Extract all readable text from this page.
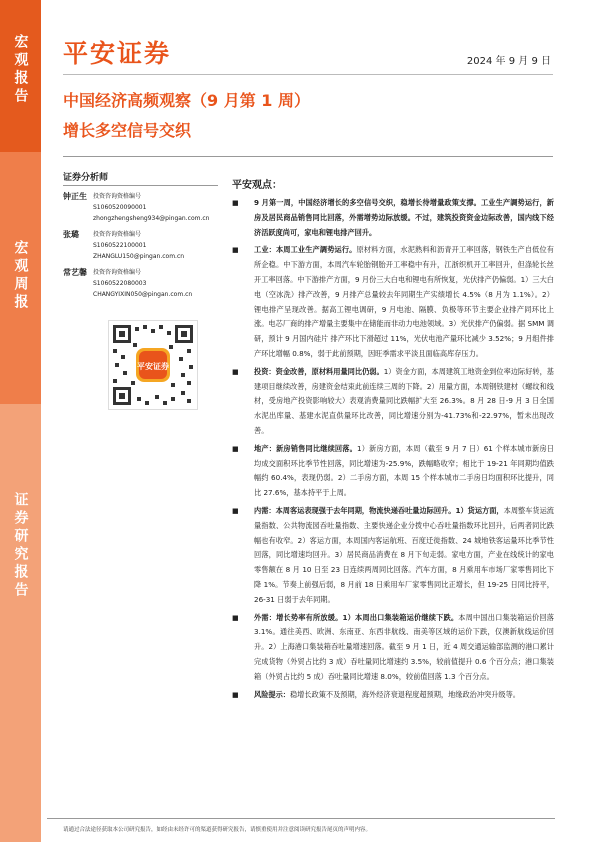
宏观报告
宏观周报
证券研究报告
平安证券	2024 年 9 月 9 日
中国经济高频观察（9 月第 1 周）
增长多空信号交织
证券分析师
钟正生	投资咨询资格编号
S1060520090001
zhongzhengsheng934@pingan.com.cn
张璐	投资咨询资格编号
S1060522100001
ZHANGLU150@pingan.com.cn
常艺馨	投资咨询资格编号
S1060522080003
CHANGYIXIN050@pingan.com.cn
平安证券
平安观点：
■ 9 月第一周，中国经济增长的多空信号交织，稳增长待增量政策支撑。工业生产調势运行，新房及居民商品销售同比回落，外需增势边际放缓。不过，建筑投资资金边际改善，国内线下经济活跃度尚可，家电和锂电排产回升。
■ 工业：本周工业生产調势运行。原材料方面，水泥熟料和沥青开工率回落，钢铁生产自低位有所企稳。中下游方面，本周汽车轮胎钢胎开工率稳中有升，江浙织机开工率回升，但涤轮长丝开工率回落。中下游排产方面，9 月份三大白电和锂电有所恢复，光伏排产仍偏弱。1）三大白电（空冰洗）排产改善，9 月排产总量较去年同期生产实绩增长 4.5%（8 月为 1.1%）。2）锂电排产呈现改善。据高工锂电调研，9 月电池、隔膜、负极等环节主要企业排产同环比上涨。电芯厂商的排产增量主要集中在储能而非动力电池领域。3）光伏排产仍偏弱。据 SMM 调研，预计 9 月国内硅片 排产环比下滑超过 11%，光伏电池产量环比减少 3.52%；9 月组件排产环比增幅 0.8%，弱于此前预期，因旺季需求平淡且面临高库存压力。
■ 投资：资金改善，原材料用量同比仍弱。1）资金方面，本周建筑工地资金到位率边际好转，基建项目继续改善，房建资金结束此前连续三周的下降。2）用量方面，本周钢铁建材（螺纹和线材，受房地产投资影响较大）表观消费量同比跌幅扩大至 26.3%。8 月 28 日-9 月 3 日全国水泥出库量、基建水泥直供量环比改善，同比增速分别为-41.73%和-22.97%，暂未出现改善。
■ 地产：新房销售同比继续回落。1）新房方面，本周（截至 9 月 7 日）61 个样本城市新房日均成交面积环比季节性回落，同比增速为-25.9%，跌幅略收窄；相比于 19-21 年同期均值跌幅约 60.4%，表现仍弱。2）二手房方面，本周 15 个样本城市二手房日均面积环比提升，同比 27.6%，基本持平于上周。
■ 内需：本周客运表现强于去年同期，物流快递吞吐量边际回升。1）货运方面，本周整车货运流量指数、公共物流园吞吐量指数、主要快递企业分拨中心吞吐量指数环比回升，后两者同比跌幅也有收窄。2）客运方面，本周国内客运航班、百度迁徙指数、24 城地铁客运量环比季节性回落，同比增速均回升。3）居民商品消费在 8 月下旬走弱。家电方面，产业在线统计的家电零售额在 8 月 10 日至 23 日连续两周同比回落。汽车方面，8 月乘用车市场厂家零售同比下降 1%。节奏上前强后弱，8 月前 18 日乘用车厂家零售同比正增长，但 19-25 日同比持平，26-31 日弱于去年同期。
■ 外需：增长势率有所放缓。1）本周出口集装箱运价继续下跌。本周中国出口集装箱运价回落 3.1%。通往美西、欧洲、东南亚、东西非航线、南美等区域的运价下跌，仅澳新航线运价回升。2）上海港口集装箱吞吐量增速回落。截至 9 月 1 日，近 4 周交通运输部监测的港口累计完成货物（外贸占比约 3 成）吞吐量同比增速约 3.5%，较前值提升 0.6 个百分点；港口集装箱（外贸占比约 5 成）吞吐量同比增速 8.0%，较前值回落 1.3 个百分点。
■ 风险提示：稳增长政策不及预期，海外经济衰退程度超预期，地缘政治冲突升级等。
请通过合法途径获取本公司研究报告，如经由未经许可的渠道获得研究报告，请慎重使用并注意阅读研究报告尾页的声明内容。
